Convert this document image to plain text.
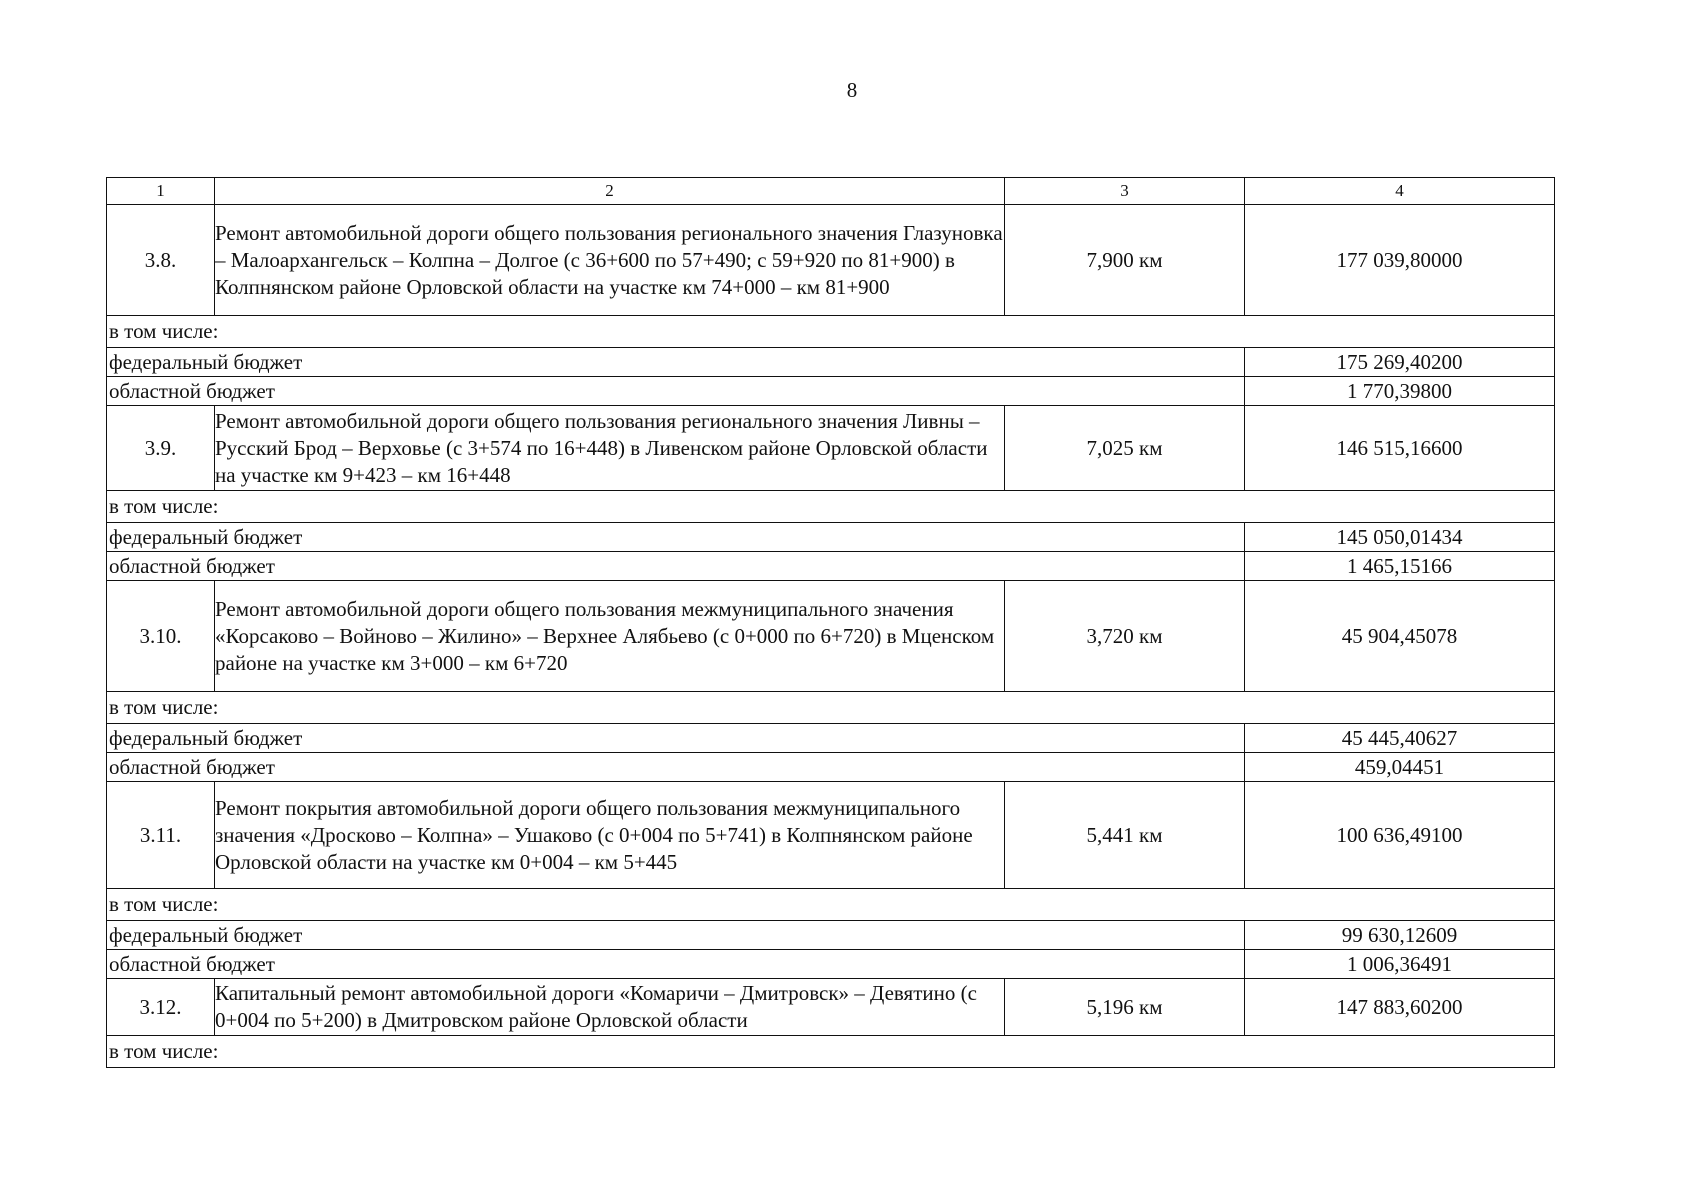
8
1	2	3	4
3.8.	Ремонт автомобильной дороги общего пользования регионального значения Глазуновка – Малоархангельск – Колпна – Долгое (с 36+600 по 57+490; с 59+920 по 81+900) в Колпнянском районе Орловской области на участке км 74+000 – км 81+900	7,900 км	177 039,80000
в том числе:			
федеральный бюджет			175 269,40200
областной бюджет			1 770,39800
3.9.	Ремонт автомобильной дороги общего пользования регионального значения Ливны – Русский Брод – Верховье (с 3+574 по 16+448) в Ливенском районе Орловской области на участке км 9+423 – км 16+448	7,025 км	146 515,16600
в том числе:			
федеральный бюджет			145 050,01434
областной бюджет			1 465,15166
3.10.	Ремонт автомобильной дороги общего пользования межмуниципального значения «Корсаково – Войново – Жилино» – Верхнее Алябьево (с 0+000 по 6+720) в Мценском районе на участке км 3+000 – км 6+720	3,720 км	45 904,45078
в том числе:			
федеральный бюджет			45 445,40627
областной бюджет			459,04451
3.11.	Ремонт покрытия автомобильной дороги общего пользования межмуниципального значения «Дросково – Колпна» – Ушаково (с 0+004 по 5+741) в Колпнянском районе Орловской области на участке км 0+004 – км 5+445	5,441 км	100 636,49100
в том числе:			
федеральный бюджет			99 630,12609
областной бюджет			1 006,36491
3.12.	Капитальный ремонт автомобильной дороги «Комаричи – Дмитровск» – Девятино (с 0+004 по 5+200) в Дмитровском районе Орловской области	5,196 км	147 883,60200
в том числе:			
